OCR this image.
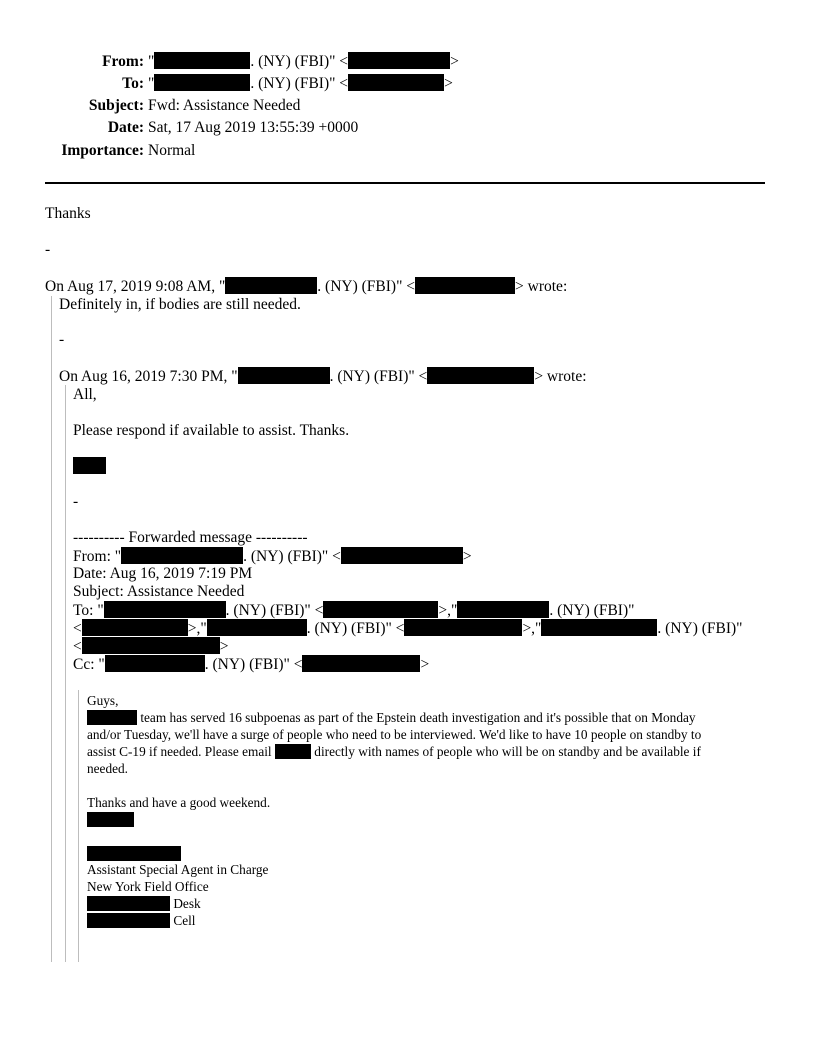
From: "	. (NY) (FBI)" <	>
To: "	. (NY) (FBI)" <	>
Subject: Fwd: Assistance Needed
Date: Sat, 17 Aug 2019 13:55:39 +0000
Importance: Normal
Thanks
-
On Aug 17, 2019 9:08 AM, "	. (NY) (FBI)" <	> wrote:
Definitely in, if bodies are still needed.
-
On Aug 16, 2019 7:30 PM, "	. (NY) (FBI)" <	> wrote:
All,
Please respond if available to assist. Thanks.
-
---------- Forwarded message ----------
From: "	. (NY) (FBI)" <	>
Date: Aug 16, 2019 7:19 PM
Subject: Assistance Needed
To: "	. (NY) (FBI)" <	>,"	. (NY) (FBI)"
<	>,"	. (NY) (FBI)" <	>,"	. (NY) (FBI)"
<	>
Cc: "	. (NY) (FBI)" <	>
Guys,
team has served 16 subpoenas as part of the Epstein death investigation and it's possible that on Monday
and/or Tuesday, we'll have a surge of people who need to be interviewed. We'd like to have 10 people on standby to
assist C-19 if needed. Please email	directly with names of people who will be on standby and be available if
needed.
Thanks and have a good weekend.
Assistant Special Agent in Charge
New York Field Office
Desk
Cell
